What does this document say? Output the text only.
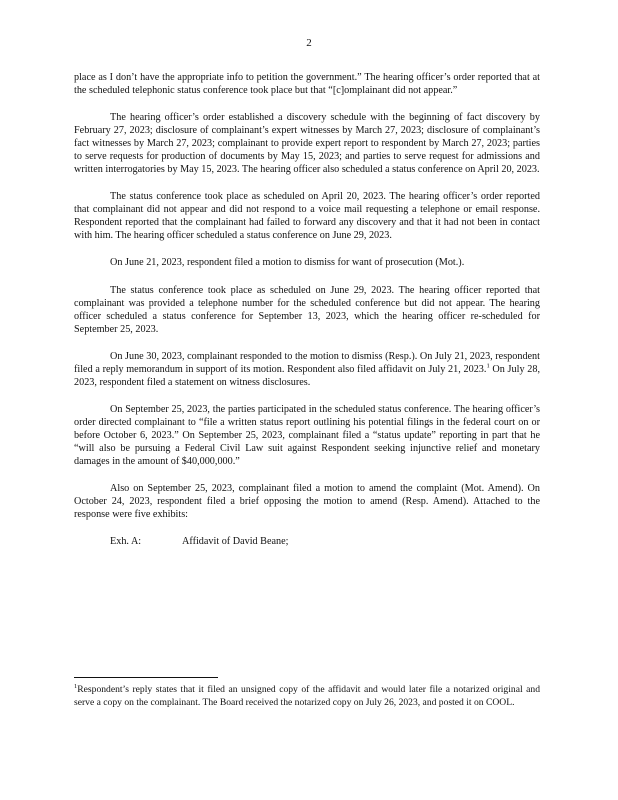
2

place as I don’t have the appropriate info to petition the government.” The hearing officer’s order reported that at the scheduled telephonic status conference took place but that “[c]omplainant did not appear.”

The hearing officer’s order established a discovery schedule with the beginning of fact discovery by February 27, 2023; disclosure of complainant’s expert witnesses by March 27, 2023; disclosure of complainant’s fact witnesses by March 27, 2023; complainant to provide expert report to respondent by March 27, 2023; parties to serve requests for production of documents by May 15, 2023; and parties to serve request for admissions and written interrogatories by May 15, 2023. The hearing officer also scheduled a status conference on April 20, 2023.

The status conference took place as scheduled on April 20, 2023. The hearing officer’s order reported that complainant did not appear and did not respond to a voice mail requesting a telephone or email response. Respondent reported that the complainant had failed to forward any discovery and that it had not been in contact with him. The hearing officer scheduled a status conference on June 29, 2023.

On June 21, 2023, respondent filed a motion to dismiss for want of prosecution (Mot.).

The status conference took place as scheduled on June 29, 2023. The hearing officer reported that complainant was provided a telephone number for the scheduled conference but did not appear. The hearing officer scheduled a status conference for September 13, 2023, which the hearing officer re-scheduled for September 25, 2023.

On June 30, 2023, complainant responded to the motion to dismiss (Resp.). On July 21, 2023, respondent filed a reply memorandum in support of its motion. Respondent also filed affidavit on July 21, 2023.$^1$ On July 28, 2023, respondent filed a statement on witness disclosures.

On September 25, 2023, the parties participated in the scheduled status conference. The hearing officer’s order directed complainant to “file a written status report outlining his potential filings in the federal court on or before October 6, 2023.” On September 25, 2023, complainant filed a “status update” reporting in part that he “will also be pursuing a Federal Civil Law suit against Respondent seeking injunctive relief and monetary damages in the amount of $40,000,000.”

Also on September 25, 2023, complainant filed a motion to amend the complaint (Mot. Amend). On October 24, 2023, respondent filed a brief opposing the motion to amend (Resp. Amend). Attached to the response were five exhibits:

Exh. A:	Affidavit of David Beane;
$^1$Respondent’s reply states that it filed an unsigned copy of the affidavit and would later file a notarized original and serve a copy on the complainant. The Board received the notarized copy on July 26, 2023, and posted it on COOL.
